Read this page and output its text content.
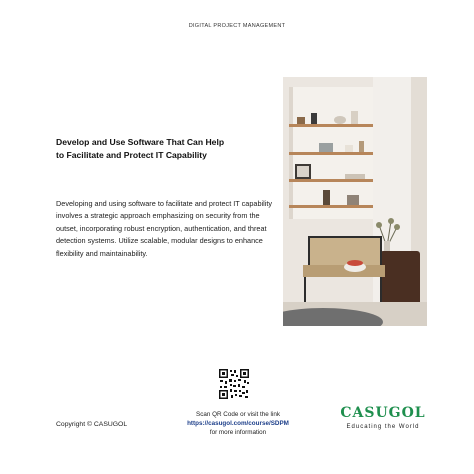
DIGITAL PROJECT MANAGEMENT
Develop and Use Software That Can Help
to Facilitate and Protect IT Capability
Developing and using software to facilitate and protect IT capability involves a strategic approach emphasizing on security from the outset, incorporating robust encryption, authentication, and threat detection systems. Utilize scalable, modular designs to enhance flexibility and maintainability.
Scan QR Code or visit the link
https://casugol.com/course/SDPM
for more information
Copyright © CASUGOL
CASUGOL
Educating the World
